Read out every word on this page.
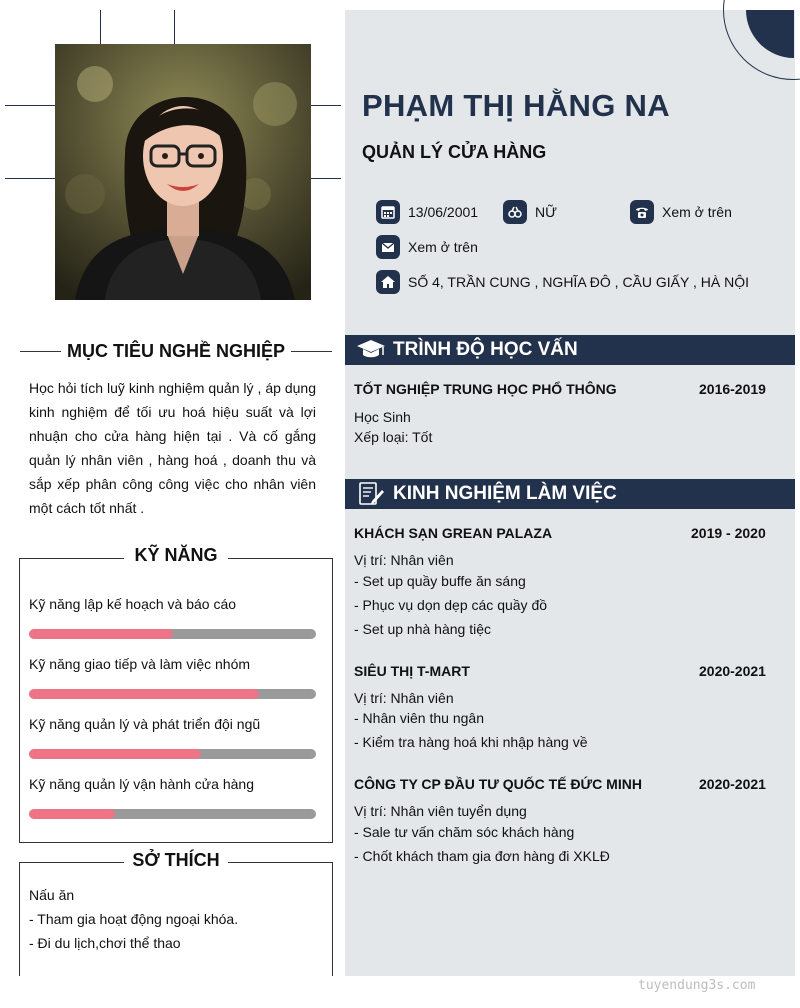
PHẠM THỊ HẰNG NA
QUẢN LÝ CỬA HÀNG
13/06/2001	NỮ	Xem ở trên
Xem ở trên
SỐ 4, TRẦN CUNG , NGHĨA ĐÔ , CẦU GIẤY , HÀ NỘI
MỤC TIÊU NGHỀ NGHIỆP
Học hỏi tích luỹ kinh nghiệm quản lý , áp dụng kinh nghiệm để tối ưu hoá hiệu suất và lợi nhuận cho cửa hàng hiện tại . Và cố gắng quản lý nhân viên , hàng hoá , doanh thu và sắp xếp phân công công việc cho nhân viên một cách tốt nhất .
KỸ NĂNG
Kỹ năng lập kế hoạch và báo cáo
Kỹ năng giao tiếp và làm việc nhóm
Kỹ năng quản lý và phát triển đội ngũ
Kỹ năng quản lý vận hành cửa hàng
SỞ THÍCH
Nấu ăn
- Tham gia hoạt động ngoại khóa.
- Đi du lịch,chơi thể thao
TRÌNH ĐỘ HỌC VẤN
TỐT NGHIỆP TRUNG HỌC PHỔ THÔNG	2016-2019
Học Sinh
Xếp loại: Tốt
KINH NGHIỆM LÀM VIỆC
KHÁCH SẠN GREAN PALAZA	2019 - 2020
Vị trí: Nhân viên
- Set up quầy buffe ăn sáng
- Phục vụ dọn dẹp các quầy đồ
- Set up nhà hàng tiệc
SIÊU THỊ T-MART	2020-2021
Vị trí: Nhân viên
- Nhân viên thu ngân
- Kiểm tra hàng hoá khi nhập hàng về
CÔNG TY CP ĐẦU TƯ QUỐC TẾ ĐỨC MINH	2020-2021
Vị trí: Nhân viên tuyển dụng
- Sale tư vấn chăm sóc khách hàng
- Chốt khách tham gia đơn hàng đi XKLĐ
tuyendung3s.com
